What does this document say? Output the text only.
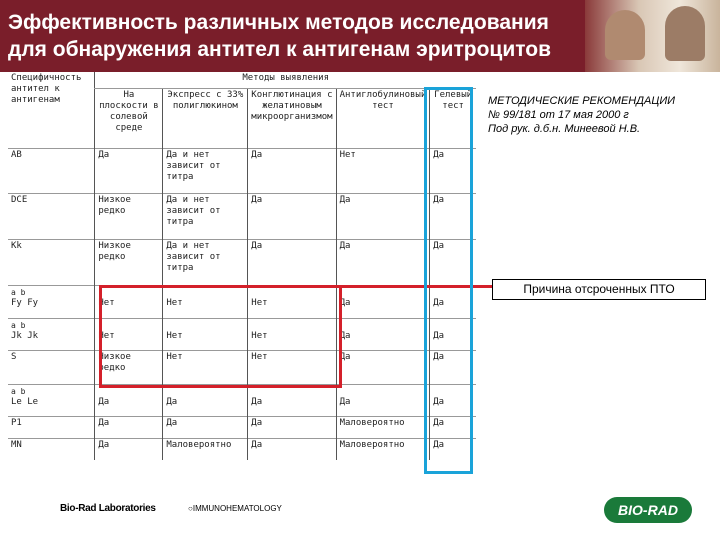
Эффективность различных методов исследования
для обнаружения антител к антигенам эритроцитов
Специфичность антител к антигенам	Методы выявления				
	На плоскости в солевой среде	Экспресс с 33% полиглюкином	Конглютинация с желатиновым микроорганизмом	Антиглобулиновый тест	Гелевый тест
AB	Да	Да и нет зависит от титра	Да	Нет	Да
DCE	Низкое редко	Да и нет зависит от титра	Да	Да	Да
Kk	Низкое редко	Да и нет зависит от титра	Да	Да	Да

a b
Fy Fy	Нет	Нет	Нет	Да	Да

a b
Jk Jk	Нет	Нет	Нет	Да	Да
S	Низкое редко	Нет	Нет	Да	Да

a b
Le Le	Да	Да	Да	Да	Да
P1	Да	Да	Да	Маловероятно	Да
MN	Да	Маловероятно	Да	Маловероятно	Да
МЕТОДИЧЕСКИЕ РЕКОМЕНДАЦИИ
№ 99/181 от 17 мая 2000 г
Под рук. д.б.н. Минеевой Н.В.
Причина отсроченных ПТО
Bio-Rad Laboratories	○IMMUNOHEMATOLOGY	BIO-RAD
